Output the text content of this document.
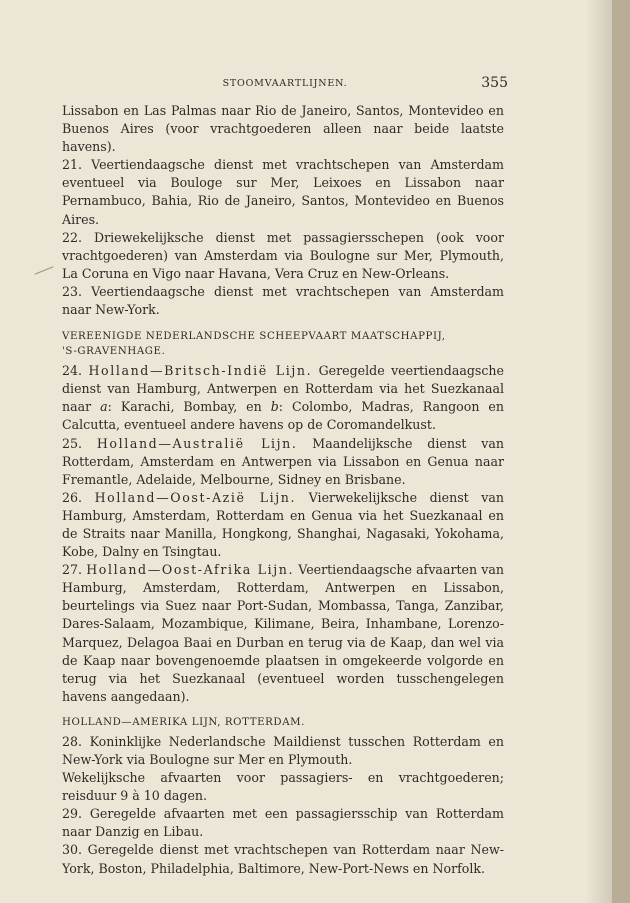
STOOMVAARTLIJNEN.	355

Lissabon en Las Palmas naar Rio de Janeiro, Santos, Montevideo en Buenos Aires (voor vrachtgoederen alleen naar beide laatste havens).

21. Veertiendaagsche dienst met vrachtschepen van Amsterdam eventueel via Bouloge sur Mer, Leixoes en Lissabon naar Pernambuco, Bahia, Rio de Janeiro, Santos, Montevideo en Buenos Aires.

22. Driewekelijksche dienst met passagiersschepen (ook voor vrachtgoederen) van Amsterdam via Boulogne sur Mer, Plymouth, La Coruna en Vigo naar Havana, Vera Cruz en New-Orleans.

23. Veertiendaagsche dienst met vrachtschepen van Amsterdam naar New-York.

VEREENIGDE NEDERLANDSCHE SCHEEPVAART MAATSCHAPPIJ,

'S-GRAVENHAGE.

24. Holland—Britsch-Indië Lijn. Geregelde veertiendaagsche dienst van Hamburg, Antwerpen en Rotterdam via het Suezkanaal naar a: Karachi, Bombay, en b: Colombo, Madras, Rangoon en Calcutta, eventueel andere havens op de Coromandelkust.

25. Holland—Australië Lijn. Maandelijksche dienst van Rotterdam, Amsterdam en Antwerpen via Lissabon en Genua naar Fremantle, Adelaide, Melbourne, Sidney en Brisbane.

26. Holland—Oost-Azië Lijn. Vierwekelijksche dienst van Hamburg, Amsterdam, Rotterdam en Genua via het Suezkanaal en de Straits naar Manilla, Hongkong, Shanghai, Nagasaki, Yokohama, Kobe, Dalny en Tsingtau.

27. Holland—Oost-Afrika Lijn. Veertiendaagsche afvaarten van Hamburg, Amsterdam, Rotterdam, Antwerpen en Lissabon, beurtelings via Suez naar Port-Sudan, Mombassa, Tanga, Zanzibar, Dares-Salaam, Mozambique, Kilimane, Beira, Inhambane, Lorenzo-Marquez, Delagoa Baai en Durban en terug via de Kaap, dan wel via de Kaap naar bovengenoemde plaatsen in omgekeerde volgorde en terug via het Suezkanaal (eventueel worden tusschengelegen havens aangedaan).

HOLLAND—AMERIKA LIJN, ROTTERDAM.

28. Koninklijke Nederlandsche Maildienst tusschen Rotterdam en New-York via Boulogne sur Mer en Plymouth.

Wekelijksche afvaarten voor passagiers- en vrachtgoederen; reisduur 9 à 10 dagen.

29. Geregelde afvaarten met een passagiersschip van Rotterdam naar Danzig en Libau.

30. Geregelde dienst met vrachtschepen van Rotterdam naar New-York, Boston, Philadelphia, Baltimore, New-Port-News en Norfolk.
